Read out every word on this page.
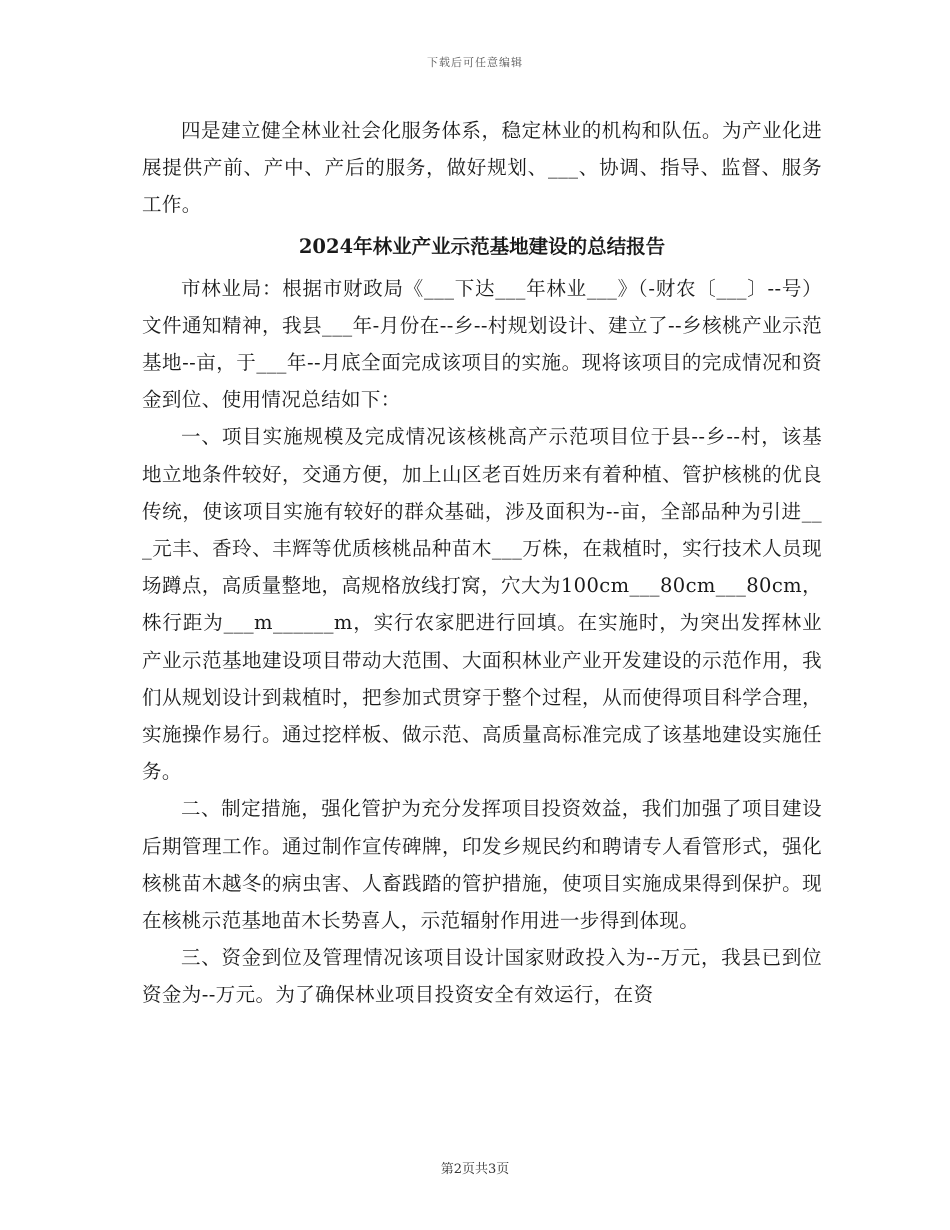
下载后可任意编辑

四是建立健全林业社会化服务体系，稳定林业的机构和队伍。为产业化进展提供产前、产中、产后的服务，做好规划、___、协调、指导、监督、服务工作。

2024年林业产业示范基地建设的总结报告

市林业局：根据市财政局《___下达___年林业___》（-财农〔___〕--号）文件通知精神，我县___年-月份在--乡--村规划设计、建立了--乡核桃产业示范基地--亩，于___年--月底全面完成该项目的实施。现将该项目的完成情况和资金到位、使用情况总结如下：

一、项目实施规模及完成情况该核桃高产示范项目位于县--乡--村，该基地立地条件较好，交通方便，加上山区老百姓历来有着种植、管护核桃的优良传统，使该项目实施有较好的群众基础，涉及面积为--亩，全部品种为引进___元丰、香玲、丰辉等优质核桃品种苗木___万株，在栽植时，实行技术人员现场蹲点，高质量整地，高规格放线打窝，穴大为100cm___80cm___80cm，株行距为___m______m，实行农家肥进行回填。在实施时，为突出发挥林业产业示范基地建设项目带动大范围、大面积林业产业开发建设的示范作用，我们从规划设计到栽植时，把参加式贯穿于整个过程，从而使得项目科学合理，实施操作易行。通过挖样板、做示范、高质量高标准完成了该基地建设实施任务。

二、制定措施，强化管护为充分发挥项目投资效益，我们加强了项目建设后期管理工作。通过制作宣传碑牌，印发乡规民约和聘请专人看管形式，强化核桃苗木越冬的病虫害、人畜践踏的管护措施，使项目实施成果得到保护。现在核桃示范基地苗木长势喜人，示范辐射作用进一步得到体现。

三、资金到位及管理情况该项目设计国家财政投入为--万元，我县已到位资金为--万元。为了确保林业项目投资安全有效运行，在资

第2页共3页
